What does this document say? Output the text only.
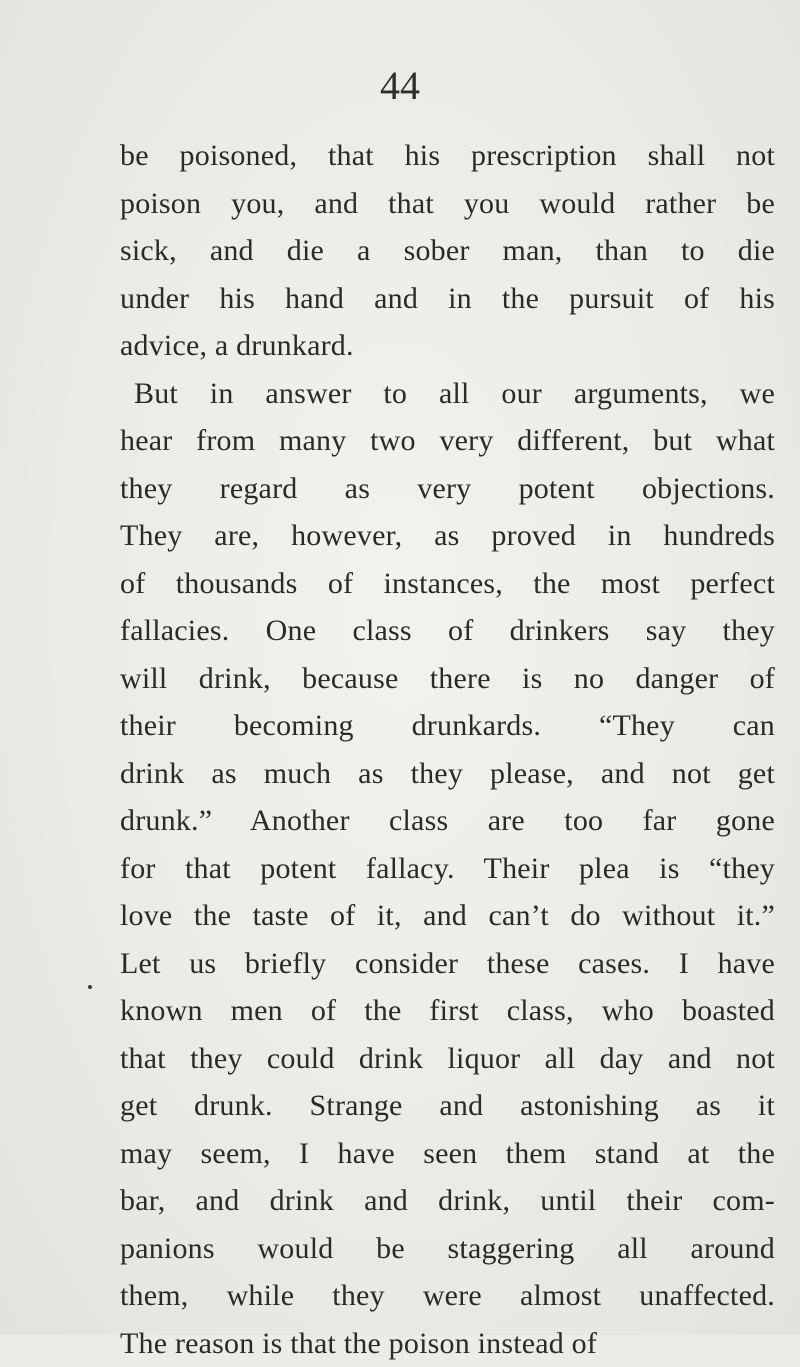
44
be poisoned, that his prescription shall not
poison you, and that you would rather be
sick, and die a sober man, than to die
under his hand and in the pursuit of his
advice, a drunkard.
But in answer to all our arguments, we
hear from many two very different, but what
they regard as very potent objections.
They are, however, as proved in hundreds
of thousands of instances, the most perfect
fallacies. One class of drinkers say they
will drink, because there is no danger of
their becoming drunkards. “They can
drink as much as they please, and not get
drunk.” Another class are too far gone
for that potent fallacy. Their plea is “they
love the taste of it, and can’t do without it.”
Let us briefly consider these cases. I have
known men of the first class, who boasted
that they could drink liquor all day and not
get drunk. Strange and astonishing as it
may seem, I have seen them stand at the
bar, and drink and drink, until their com-
panions would be staggering all around
them, while they were almost unaffected.
The reason is that the poison instead of
